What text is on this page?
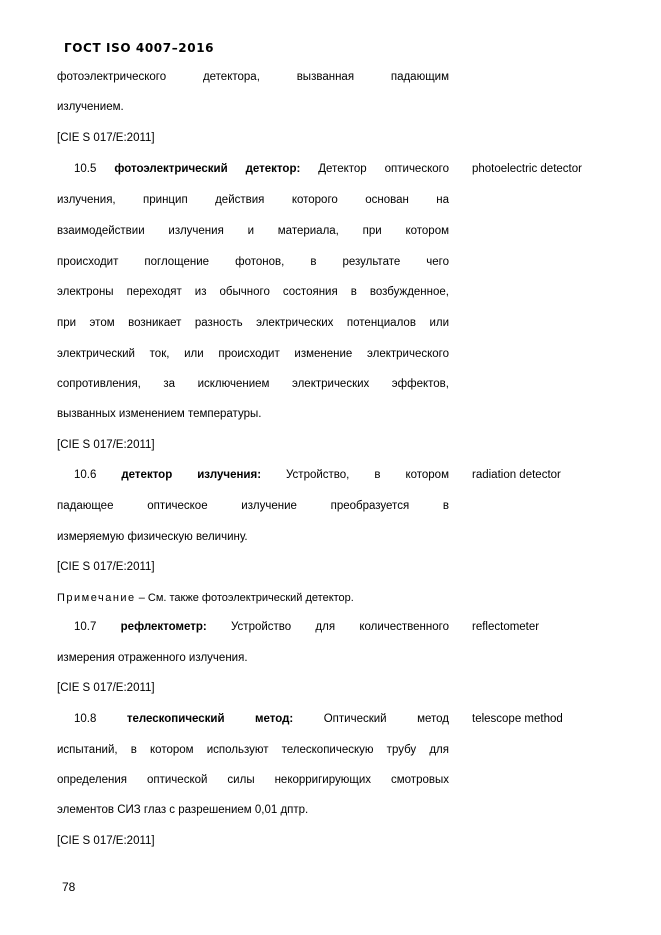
ГОСТ ISO 4007–2016
фотоэлектрического детектора, вызванная падающим
излучением.
[CIE S 017/E:2011]
10.5 фотоэлектрический детектор: Детектор оптического photoelectric detector
излучения, принцип действия которого основан на
взаимодействии излучения и материала, при котором
происходит поглощение фотонов, в результате чего
электроны переходят из обычного состояния в возбужденное,
при этом возникает разность электрических потенциалов или
электрический ток, или происходит изменение электрического
сопротивления, за исключением электрических эффектов,
вызванных изменением температуры.
[CIE S 017/E:2011]
10.6 детектор излучения: Устройство, в котором radiation detector
падающее оптическое излучение преобразуется в
измеряемую физическую величину.
[CIE S 017/E:2011]
Примечание – См. также фотоэлектрический детектор.
10.7 рефлектометр: Устройство для количественного reflectometer
измерения отраженного излучения.
[CIE S 017/E:2011]
10.8	телескопический метод:	Оптический метод telescope method
испытаний, в котором используют телескопическую трубу для
определения оптической силы некорригирующих смотровых
элементов СИЗ глаз с разрешением 0,01 дптр.
[CIE S 017/E:2011]
78
